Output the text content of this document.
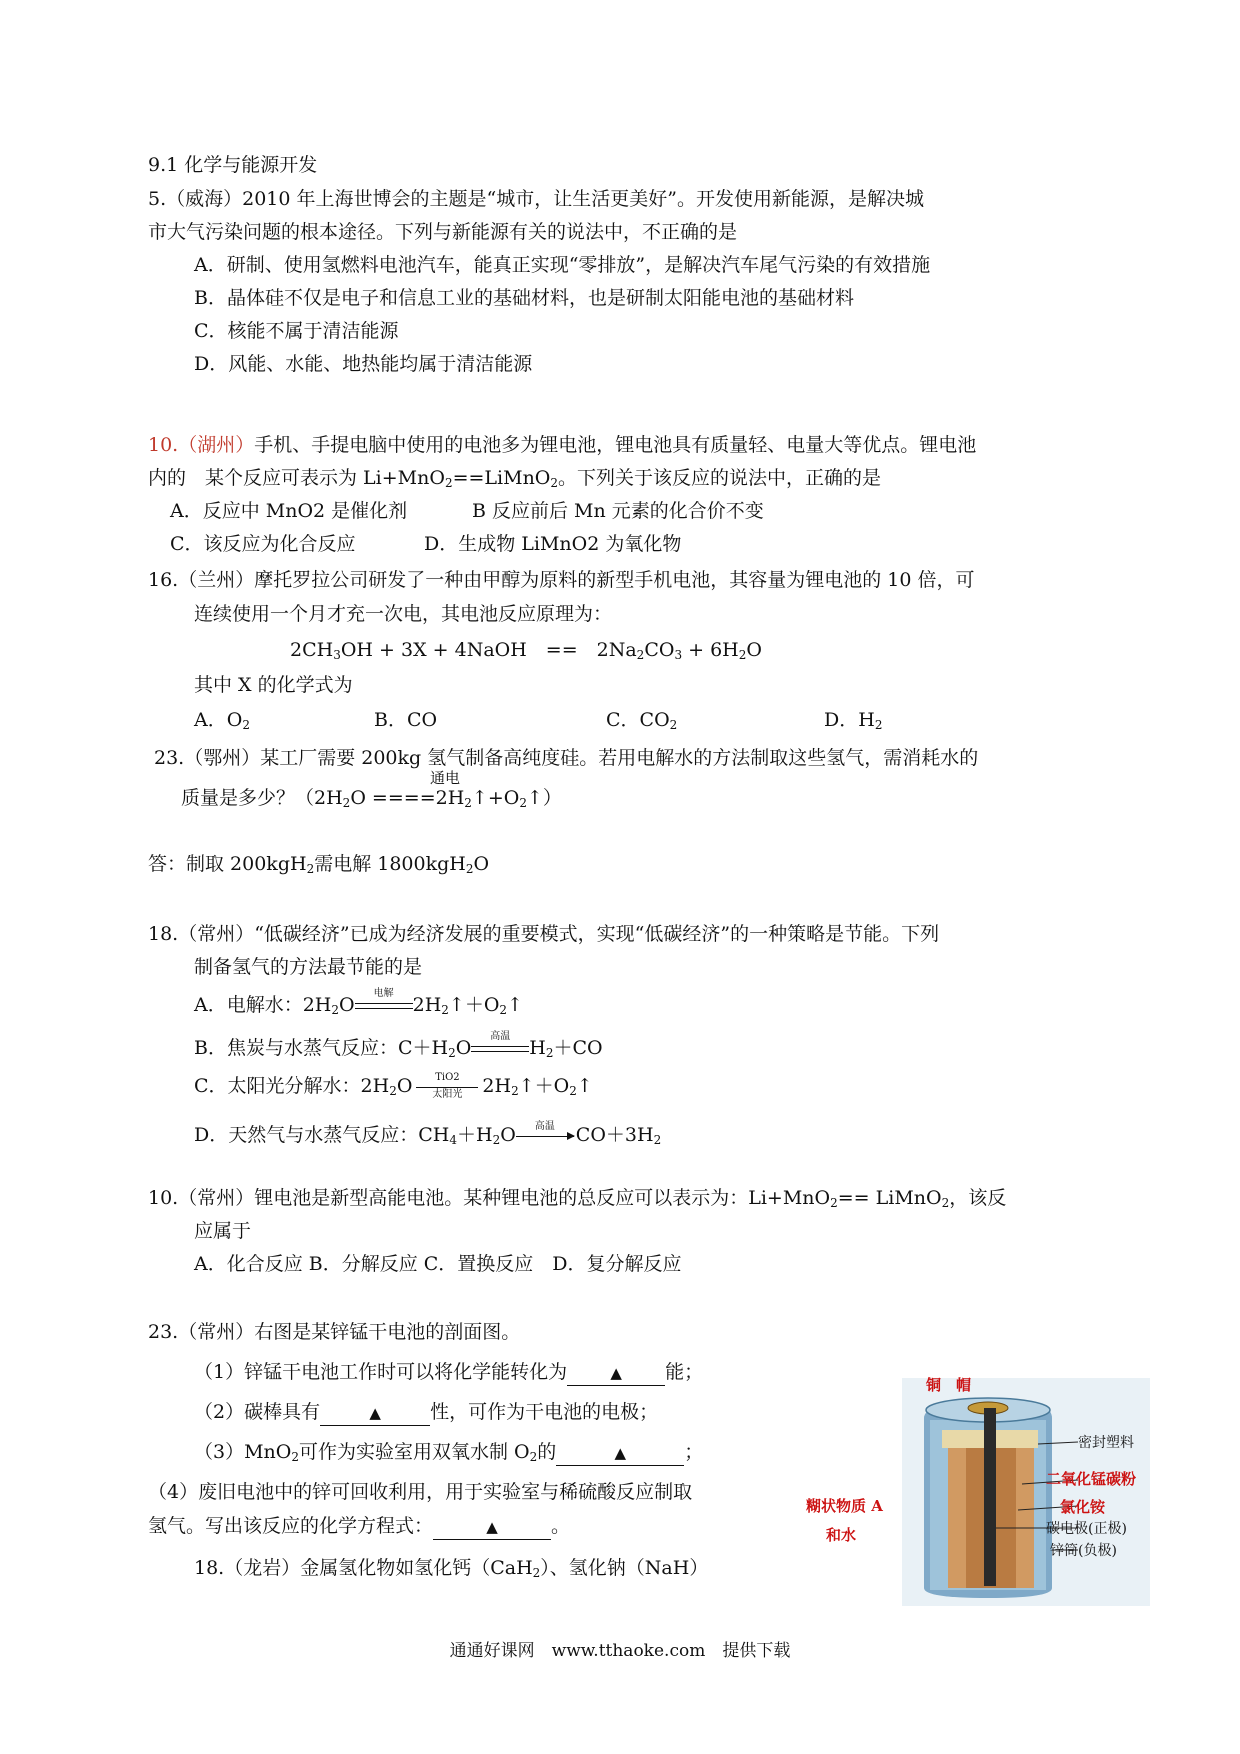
9.1 化学与能源开发
5.（威海）2010 年上海世博会的主题是“城市，让生活更美好”。开发使用新能源，是解决城
市大气污染问题的根本途径。下列与新能源有关的说法中，不正确的是
A．研制、使用氢燃料电池汽车，能真正实现“零排放”，是解决汽车尾气污染的有效措施
B．晶体硅不仅是电子和信息工业的基础材料，也是研制太阳能电池的基础材料
C．核能不属于清洁能源
D．风能、水能、地热能均属于清洁能源
10.（湖州）手机、手提电脑中使用的电池多为锂电池，锂电池具有质量轻、电量大等优点。锂电池
内的　某个反应可表示为 Li+MnO$_2$==LiMnO$_2$。下列关于该反应的说法中，正确的是
A．反应中 MnO2 是催化剂	B 反应前后 Mn 元素的化合价不变
C．该反应为化合反应	D．生成物 LiMnO2 为氧化物
16.（兰州）摩托罗拉公司研发了一种由甲醇为原料的新型手机电池，其容量为锂电池的 10 倍，可
连续使用一个月才充一次电，其电池反应原理为：
$2CH_3OH + 3X$ + 4NaOH　==　$2Na_2CO_3 + 6H_2O$
其中 X 的化学式为
A．$O_2$	B．CO	C．$CO_2$	D．$H_2$
23.（鄂州）某工厂需要 200kg 氢气制备高纯度硅。若用电解水的方法制取这些氢气，需消耗水的
通电
质量是多少？（$2H_2O$ $====2H_2↑+O_2↑$）
答：制取 200kgH$_2$需电解 1800kgH$_2$O
18.（常州）“低碳经济”已成为经济发展的重要模式，实现“低碳经济”的一种策略是节能。下列
制备氢气的方法最节能的是
A．电解水：$2H_2O$
电解
$2H_2↑+O_2↑$
B．焦炭与水蒸气反应：$C+H_2O$
高温
$H_2+CO$
C．太阳光分解水：$2H_2O$	TiO2
太阳光	$2H_2↑+O_2↑$
D．天然气与水蒸气反应：$CH_4+H_2O$	高温	$CO+3H_2$
10.（常州）锂电池是新型高能电池。某种锂电池的总反应可以表示为：Li+MnO$_2$== LiMnO$_2$，该反
应属于
A．化合反应 B．分解反应 C．置换反应　D．复分解反应
23.（常州）右图是某锌锰干电池的剖面图。
（1）锌锰干电池工作时可以将化学能转化为	▲ 能；
（2）碳棒具有	▲	性，可作为干电池的电极；
（3）MnO$_2$可作为实验室用双氧水制 $O_2$的	▲	；
（4）废旧电池中的锌可回收利用，用于实验室与稀硫酸反应制取
氢气。写出该反应的化学方程式：	▲	。
18.（龙岩）金属氢化物如氢化钙（CaH$_2$）、氢化钠（NaH）
铜　帽
密封塑料
二氧化锰碳粉
氯化铵
碳电极(正极)
锌筒(负极)
糊状物质 A
和水
通通好课网　www.tthaoke.com　提供下载
